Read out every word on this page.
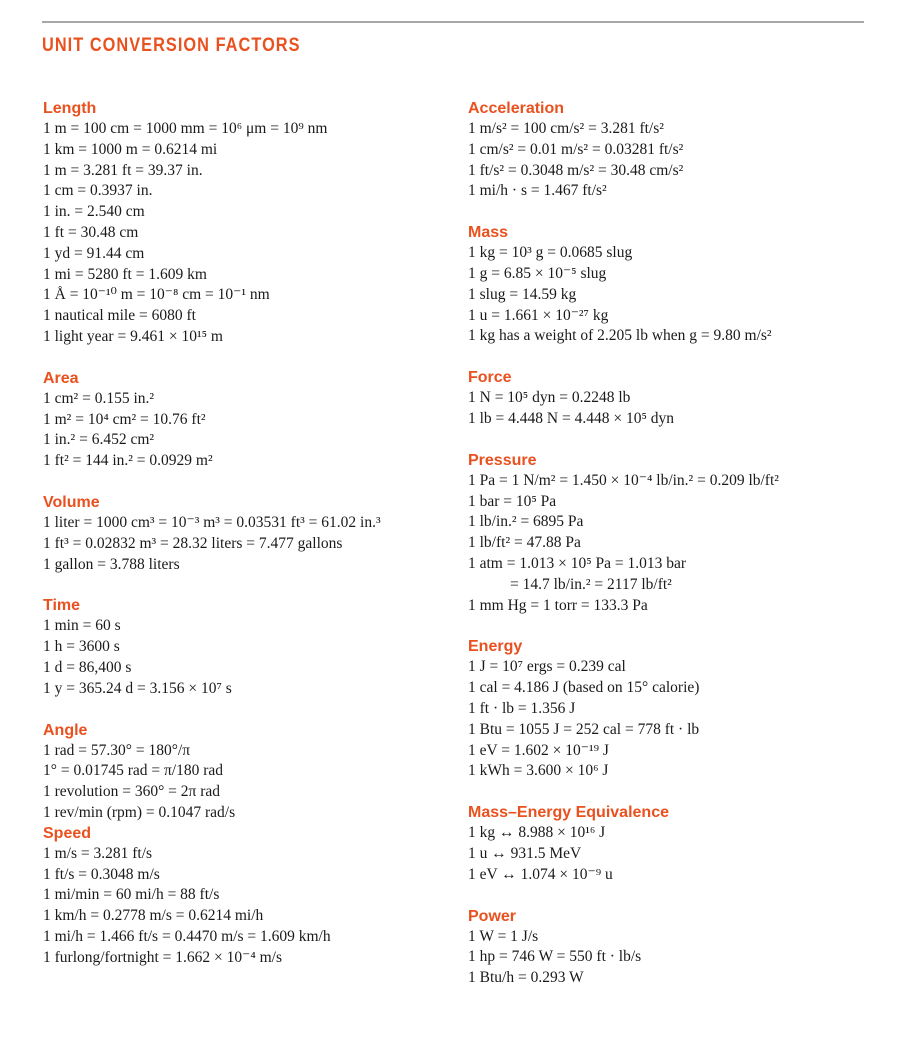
UNIT CONVERSION FACTORS
Length
1 m = 100 cm = 1000 mm = 10⁶ μm = 10⁹ nm
1 km = 1000 m = 0.6214 mi
1 m = 3.281 ft = 39.37 in.
1 cm = 0.3937 in.
1 in. = 2.540 cm
1 ft = 30.48 cm
1 yd = 91.44 cm
1 mi = 5280 ft = 1.609 km
1 Å = 10⁻¹⁰ m = 10⁻⁸ cm = 10⁻¹ nm
1 nautical mile = 6080 ft
1 light year = 9.461 × 10¹⁵ m
Area
1 cm² = 0.155 in.²
1 m² = 10⁴ cm² = 10.76 ft²
1 in.² = 6.452 cm²
1 ft² = 144 in.² = 0.0929 m²
Volume
1 liter = 1000 cm³ = 10⁻³ m³ = 0.03531 ft³ = 61.02 in.³
1 ft³ = 0.02832 m³ = 28.32 liters = 7.477 gallons
1 gallon = 3.788 liters
Time
1 min = 60 s
1 h = 3600 s
1 d = 86,400 s
1 y = 365.24 d = 3.156 × 10⁷ s
Angle
1 rad = 57.30° = 180°/π
1° = 0.01745 rad = π/180 rad
1 revolution = 360° = 2π rad
1 rev/min (rpm) = 0.1047 rad/s
Speed
1 m/s = 3.281 ft/s
1 ft/s = 0.3048 m/s
1 mi/min = 60 mi/h = 88 ft/s
1 km/h = 0.2778 m/s = 0.6214 mi/h
1 mi/h = 1.466 ft/s = 0.4470 m/s = 1.609 km/h
1 furlong/fortnight = 1.662 × 10⁻⁴ m/s
Acceleration
1 m/s² = 100 cm/s² = 3.281 ft/s²
1 cm/s² = 0.01 m/s² = 0.03281 ft/s²
1 ft/s² = 0.3048 m/s² = 30.48 cm/s²
1 mi/h · s = 1.467 ft/s²
Mass
1 kg = 10³ g = 0.0685 slug
1 g = 6.85 × 10⁻⁵ slug
1 slug = 14.59 kg
1 u = 1.661 × 10⁻²⁷ kg
1 kg has a weight of 2.205 lb when g = 9.80 m/s²
Force
1 N = 10⁵ dyn = 0.2248 lb
1 lb = 4.448 N = 4.448 × 10⁵ dyn
Pressure
1 Pa = 1 N/m² = 1.450 × 10⁻⁴ lb/in.² = 0.209 lb/ft²
1 bar = 10⁵ Pa
1 lb/in.² = 6895 Pa
1 lb/ft² = 47.88 Pa
1 atm = 1.013 × 10⁵ Pa = 1.013 bar
= 14.7 lb/in.² = 2117 lb/ft²
1 mm Hg = 1 torr = 133.3 Pa
Energy
1 J = 10⁷ ergs = 0.239 cal
1 cal = 4.186 J (based on 15° calorie)
1 ft · lb = 1.356 J
1 Btu = 1055 J = 252 cal = 778 ft · lb
1 eV = 1.602 × 10⁻¹⁹ J
1 kWh = 3.600 × 10⁶ J
Mass–Energy Equivalence
1 kg ↔ 8.988 × 10¹⁶ J
1 u ↔ 931.5 MeV
1 eV ↔ 1.074 × 10⁻⁹ u
Power
1 W = 1 J/s
1 hp = 746 W = 550 ft · lb/s
1 Btu/h = 0.293 W
